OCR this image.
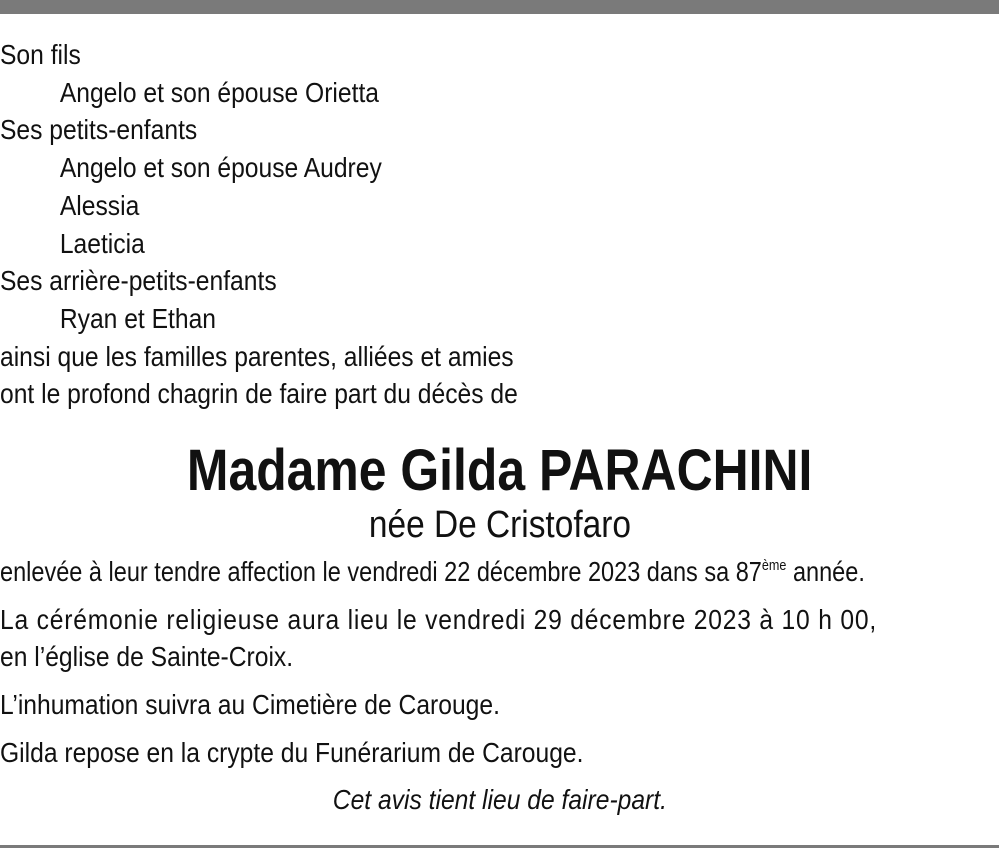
Son fils
Angelo et son épouse Orietta
Ses petits-enfants
Angelo et son épouse Audrey
Alessia
Laeticia
Ses arrière-petits-enfants
Ryan et Ethan
ainsi que les familles parentes, alliées et amies
ont le profond chagrin de faire part du décès de
Madame Gilda PARACHINI
née De Cristofaro
enlevée à leur tendre affection le vendredi 22 décembre 2023 dans sa 87ème année.
La cérémonie religieuse aura lieu le vendredi 29 décembre 2023 à 10 h 00,
en l’église de Sainte-Croix.
L’inhumation suivra au Cimetière de Carouge.
Gilda repose en la crypte du Funérarium de Carouge.
Cet avis tient lieu de faire-part.
